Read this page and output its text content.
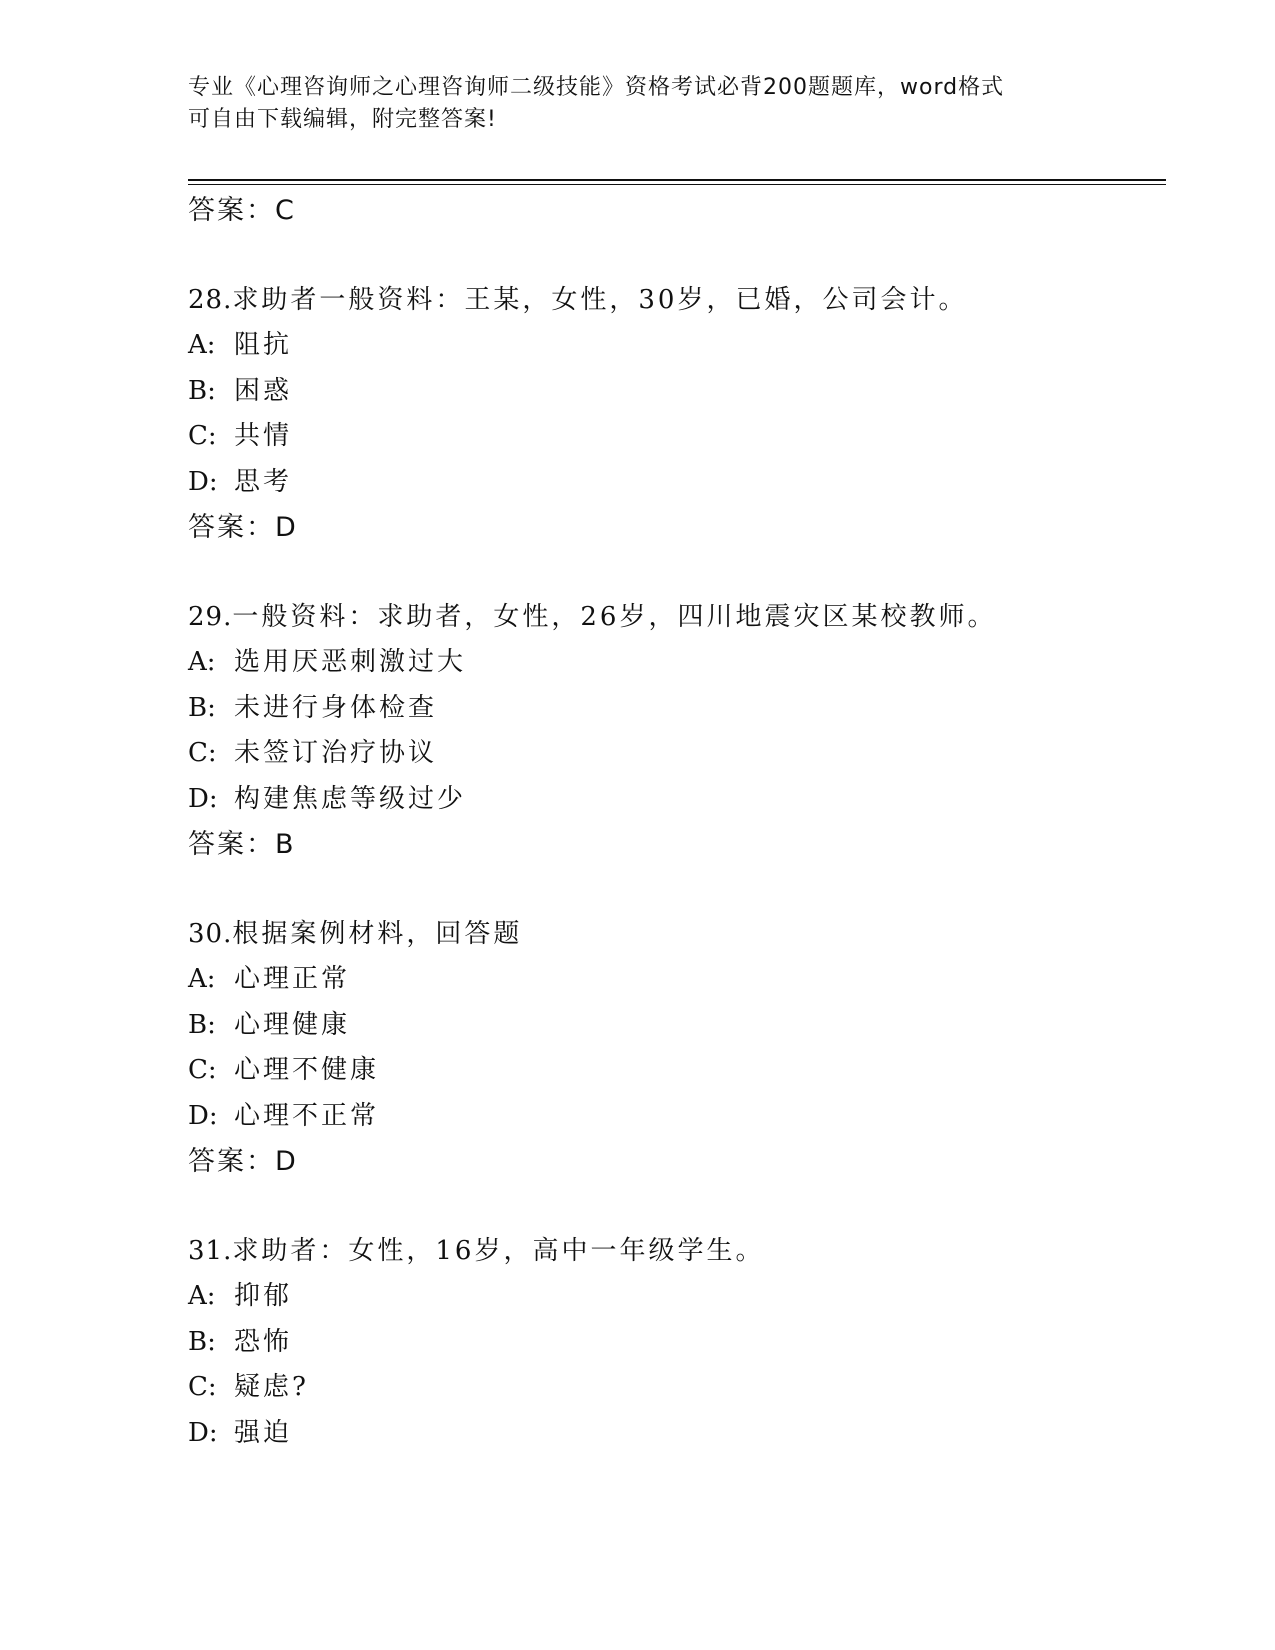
专业《心理咨询师之心理咨询师二级技能》资格考试必背200题题库，word格式
可自由下载编辑，附完整答案!
答案：C
28.求助者一般资料：王某，女性，30岁，已婚，公司会计。
A: 阻抗
B: 困惑
C: 共情
D: 思考
答案：D
29.一般资料：求助者，女性，26岁，四川地震灾区某校教师。
A: 选用厌恶刺激过大
B: 未进行身体检查
C: 未签订治疗协议
D: 构建焦虑等级过少
答案：B
30.根据案例材料，回答题
A: 心理正常
B: 心理健康
C: 心理不健康
D: 心理不正常
答案：D
31.求助者：女性，16岁，高中一年级学生。
A: 抑郁
B: 恐怖
C: 疑虑?
D: 强迫
